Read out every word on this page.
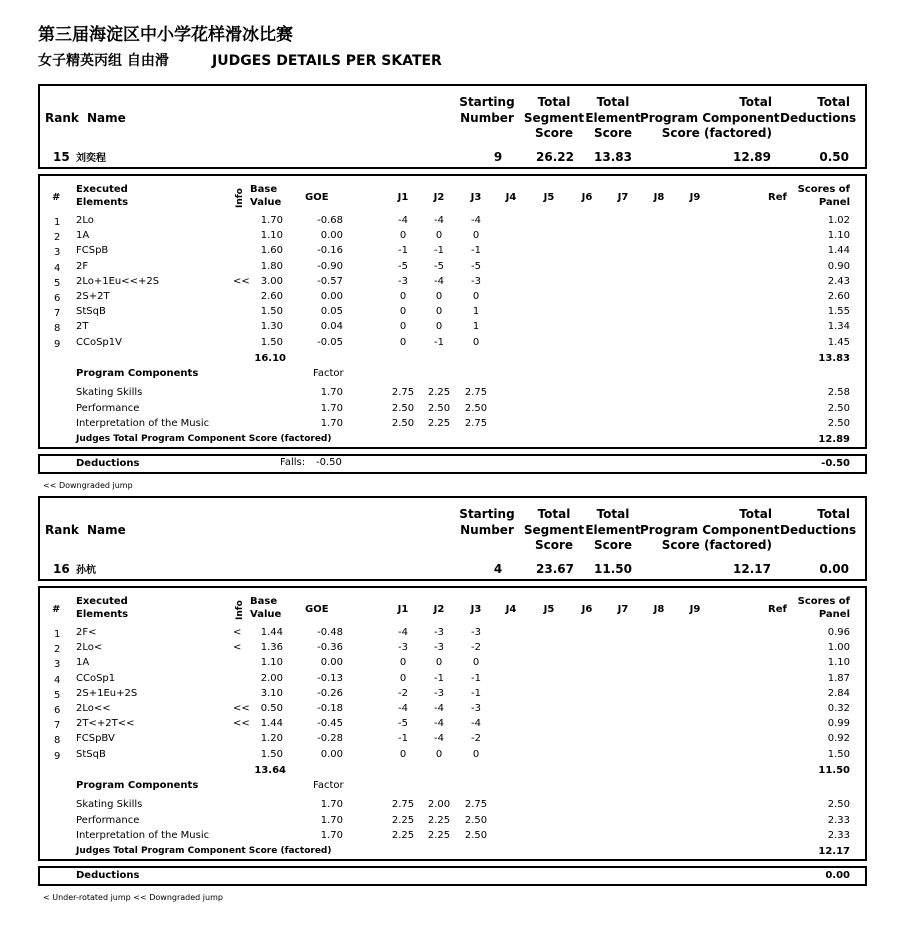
第三届海淀区中小学花样滑冰比赛
女子精英丙组 自由滑	JUDGES DETAILS PER SKATER
Rank Name
Starting
Number
Total
Segment
Score
Total
Element
Score
Total
Program Component
Score (factored)
Total
Deductions
15 刘奕程	9	26.22	13.83	12.89	0.50
#
Executed
Elements	Info Base
Value GOE	J1	J2	J3	J4	J5	J6	J7	J8	J9	Ref
Scores of
Panel
1 2Lo	1.70	-0.68	-4	-4	-4	1.02
2 1A	1.10	0.00	0	0	0	1.10
3 FCSpB	1.60	-0.16	-1	-1	-1	1.44
4 2F	1.80	-0.90	-5	-5	-5	0.90
5 2Lo+1Eu<<+2S	<<	3.00	-0.57	-3	-4	-3	2.43
6 2S+2T	2.60	0.00	0	0	0	2.60
7 StSqB	1.50	0.05	0	0	1	1.55
8 2T	1.30	0.04	0	0	1	1.34
9 CCoSp1V	1.50	-0.05	0	-1	0	1.45
16.10	13.83
Program Components	Factor
Skating Skills	1.70	2.75	2.25	2.75	2.58
Performance	1.70	2.50	2.50	2.50	2.50
Interpretation of the Music	1.70	2.50	2.25	2.75	2.50
Judges Total Program Component Score (factored)	12.89
Deductions	Falls: -0.50	-0.50
<< Downgraded jump
Rank Name
Starting
Number
Total
Segment
Score
Total
Element
Score
Total
Program Component
Score (factored)
Total
Deductions
16 孙杭	4	23.67	11.50	12.17	0.00
#
Executed
Elements	Info Base
Value GOE	J1	J2	J3	J4	J5	J6	J7	J8	J9	Ref
Scores of
Panel
1 2F<	<	1.44	-0.48	-4	-3	-3	0.96
2 2Lo<	<	1.36	-0.36	-3	-3	-2	1.00
3 1A	1.10	0.00	0	0	0	1.10
4 CCoSp1	2.00	-0.13	0	-1	-1	1.87
5 2S+1Eu+2S	3.10	-0.26	-2	-3	-1	2.84
6 2Lo<<	<<	0.50	-0.18	-4	-4	-3	0.32
7 2T<+2T<<	<<	1.44	-0.45	-5	-4	-4	0.99
8 FCSpBV	1.20	-0.28	-1	-4	-2	0.92
9 StSqB	1.50	0.00	0	0	0	1.50
13.64	11.50
Program Components	Factor
Skating Skills	1.70	2.75	2.00	2.75	2.50
Performance	1.70	2.25	2.25	2.50	2.33
Interpretation of the Music	1.70	2.25	2.25	2.50	2.33
Judges Total Program Component Score (factored)	12.17
Deductions	0.00
< Under-rotated jump << Downgraded jump
